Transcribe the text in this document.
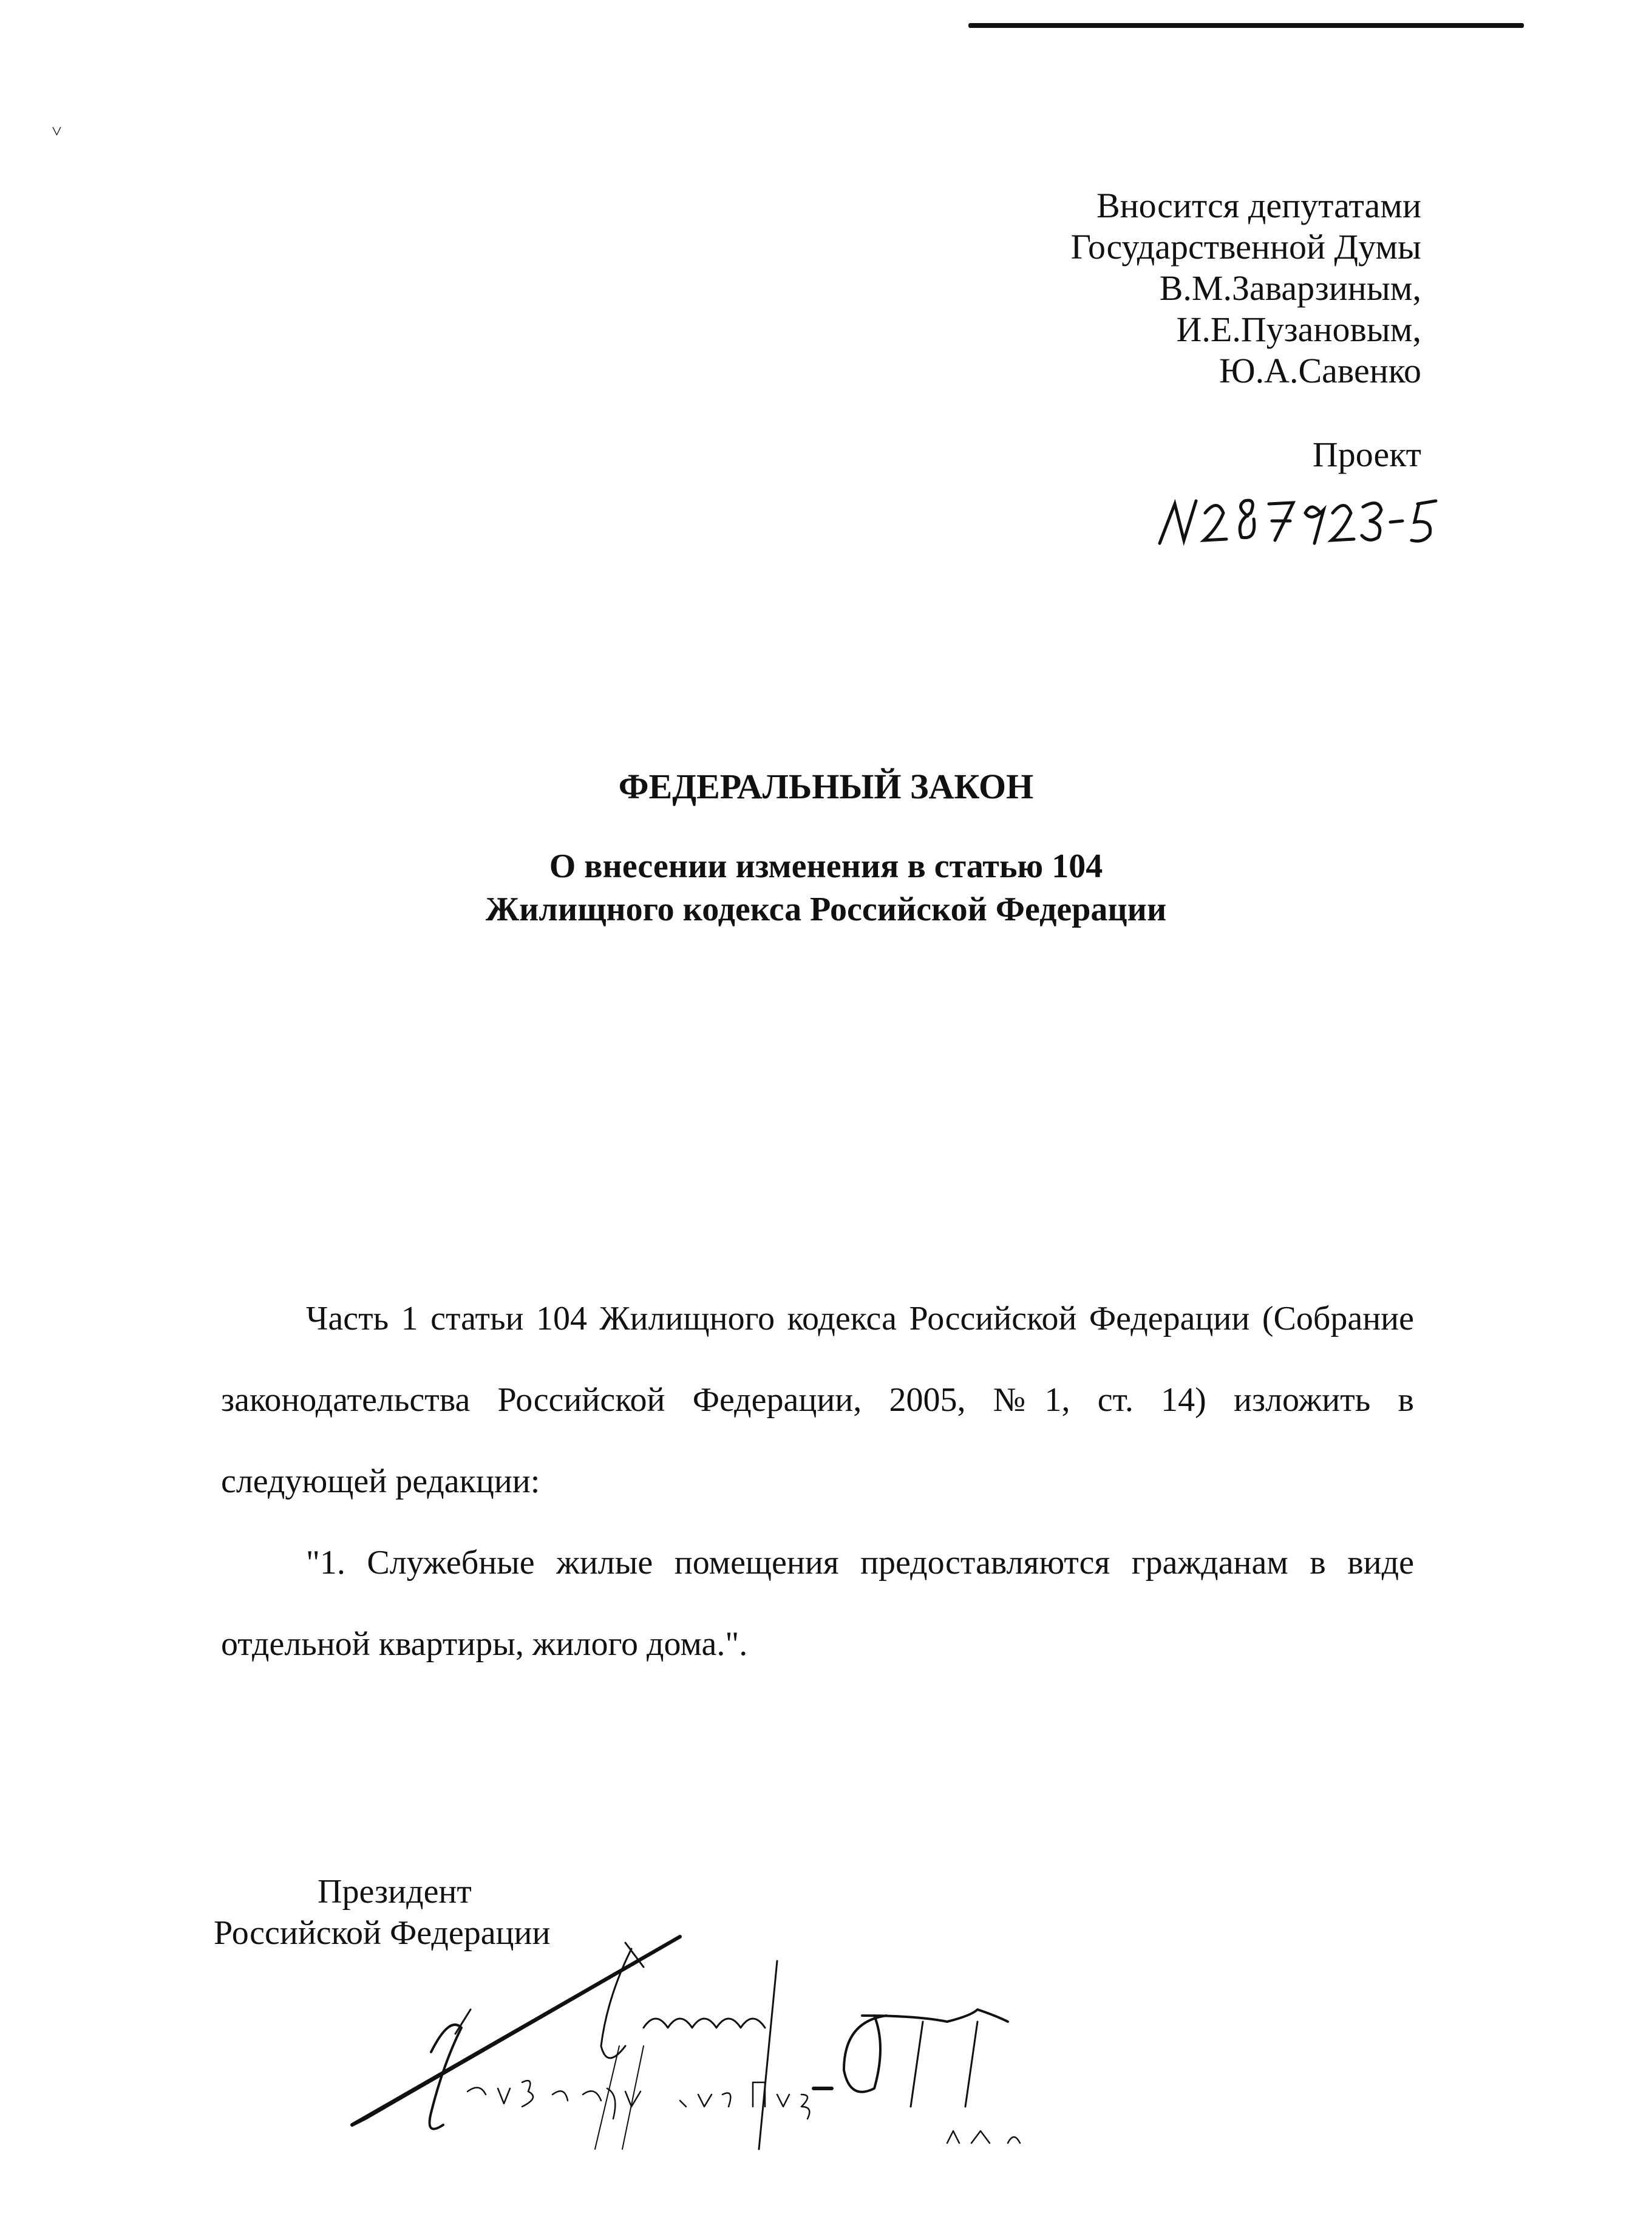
˅
Вносится депутатами
Государственной Думы
В.М.Заварзиным,
И.Е.Пузановым,
Ю.А.Савенко
Проект
ФЕДЕРАЛЬНЫЙ ЗАКОН
О внесении изменения в статью 104
Жилищного кодекса Российской Федерации

Часть 1 статьи 104 Жилищного кодекса Российской Федерации (Собрание законодательства Российской Федерации, 2005, №1, ст. 14) изложить в следующей редакции:

"1. Служебные жилые помещения предоставляются гражданам в виде отдельной квартиры, жилого дома.".

Президент
Российской Федерации
